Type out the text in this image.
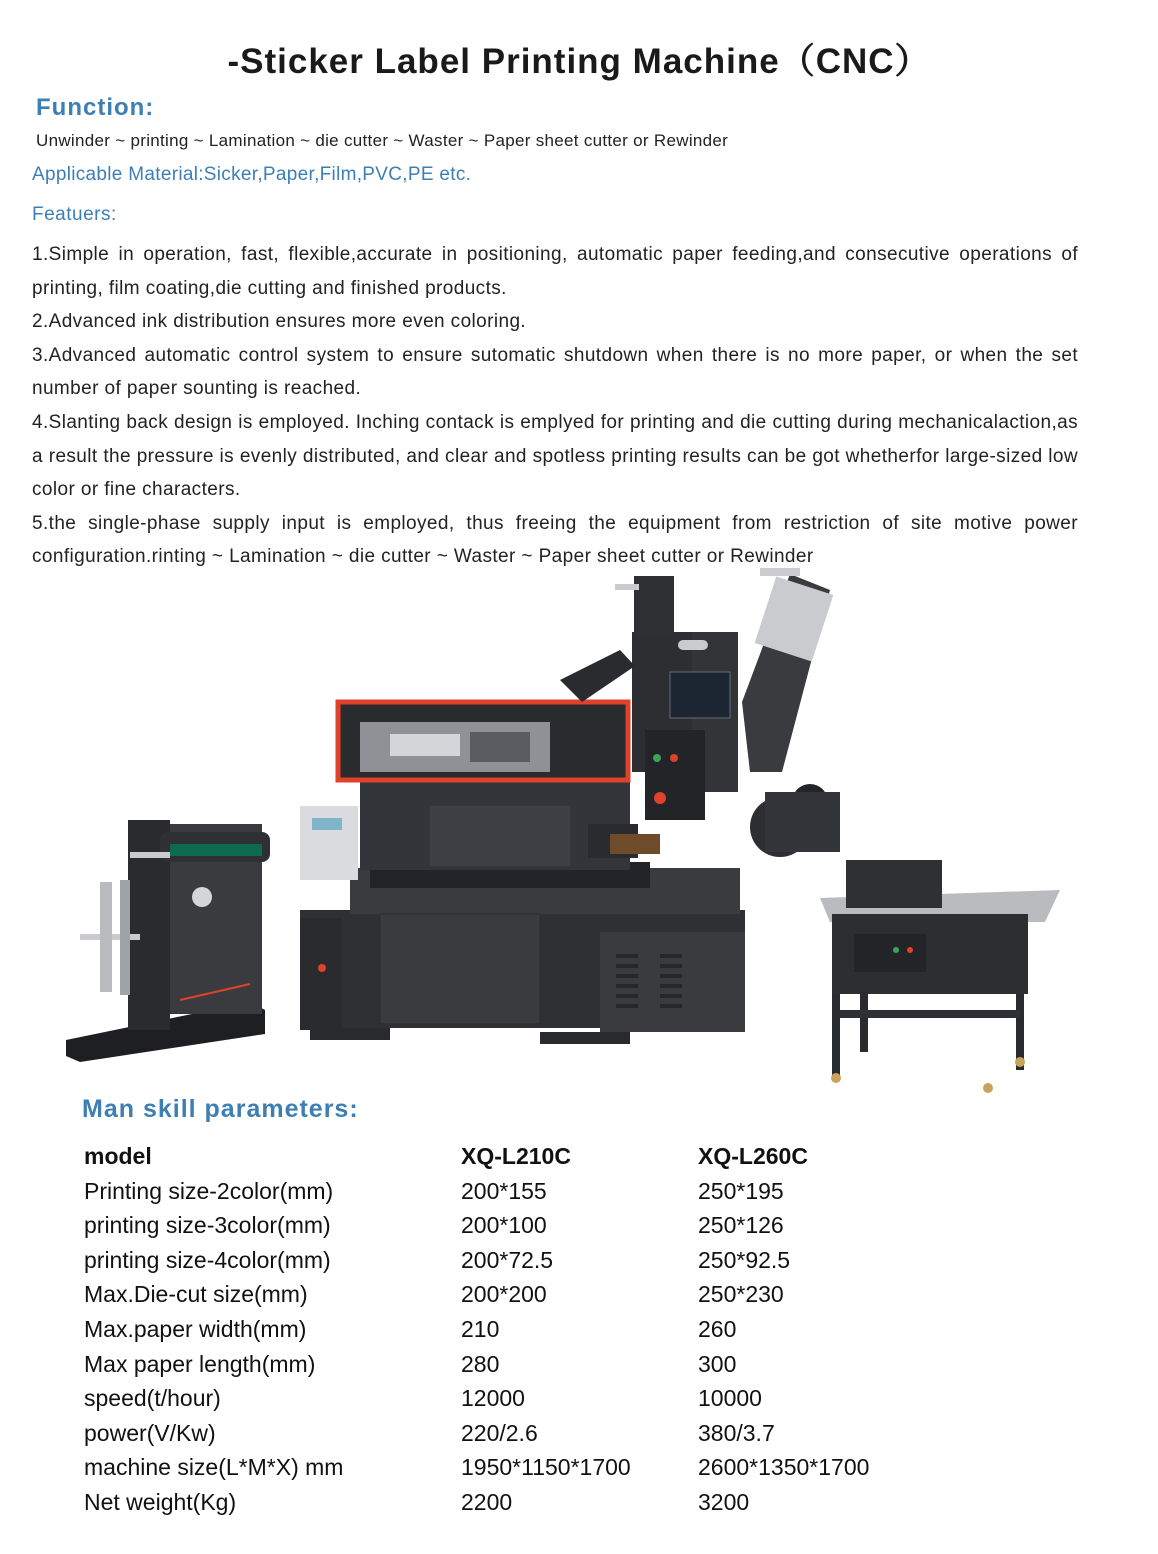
-Sticker Label Printing Machine（CNC）
Function:
Unwinder ~ printing ~ Lamination ~ die cutter ~ Waster ~ Paper sheet cutter or Rewinder
Applicable Material:Sicker,Paper,Film,PVC,PE etc.
Featuers:

1.Simple in operation, fast, flexible,accurate in positioning, automatic paper feeding,and consecutive operations of printing, film coating,die cutting and finished products.

2.Advanced ink distribution ensures more even coloring.

3.Advanced automatic control system to ensure sutomatic shutdown when there is no more paper, or when the set number of paper sounting is reached.

4.Slanting back design is employed. Inching contack is emplyed for printing and die cutting during mechanicalaction,as a result the pressure is evenly distributed, and clear and spotless printing results can be got whetherfor large-sized low color or fine characters.

5.the single-phase supply input is employed, thus freeing the equipment from restriction of site motive power configuration.rinting ~ Lamination ~ die cutter ~ Waster ~ Paper sheet cutter or Rewinder

Man skill parameters:
model	XQ-L210C	XQ-L260C
Printing size-2color(mm)	200*155	250*195
printing size-3color(mm)	200*100	250*126
printing size-4color(mm)	200*72.5	250*92.5
Max.Die-cut size(mm)	200*200	250*230
Max.paper width(mm)	210	260
Max paper length(mm)	280	300
speed(t/hour)	12000	10000
power(V/Kw)	220/2.6	380/3.7
machine size(L*M*X) mm	1950*1150*1700	2600*1350*1700
Net weight(Kg)	2200	3200
